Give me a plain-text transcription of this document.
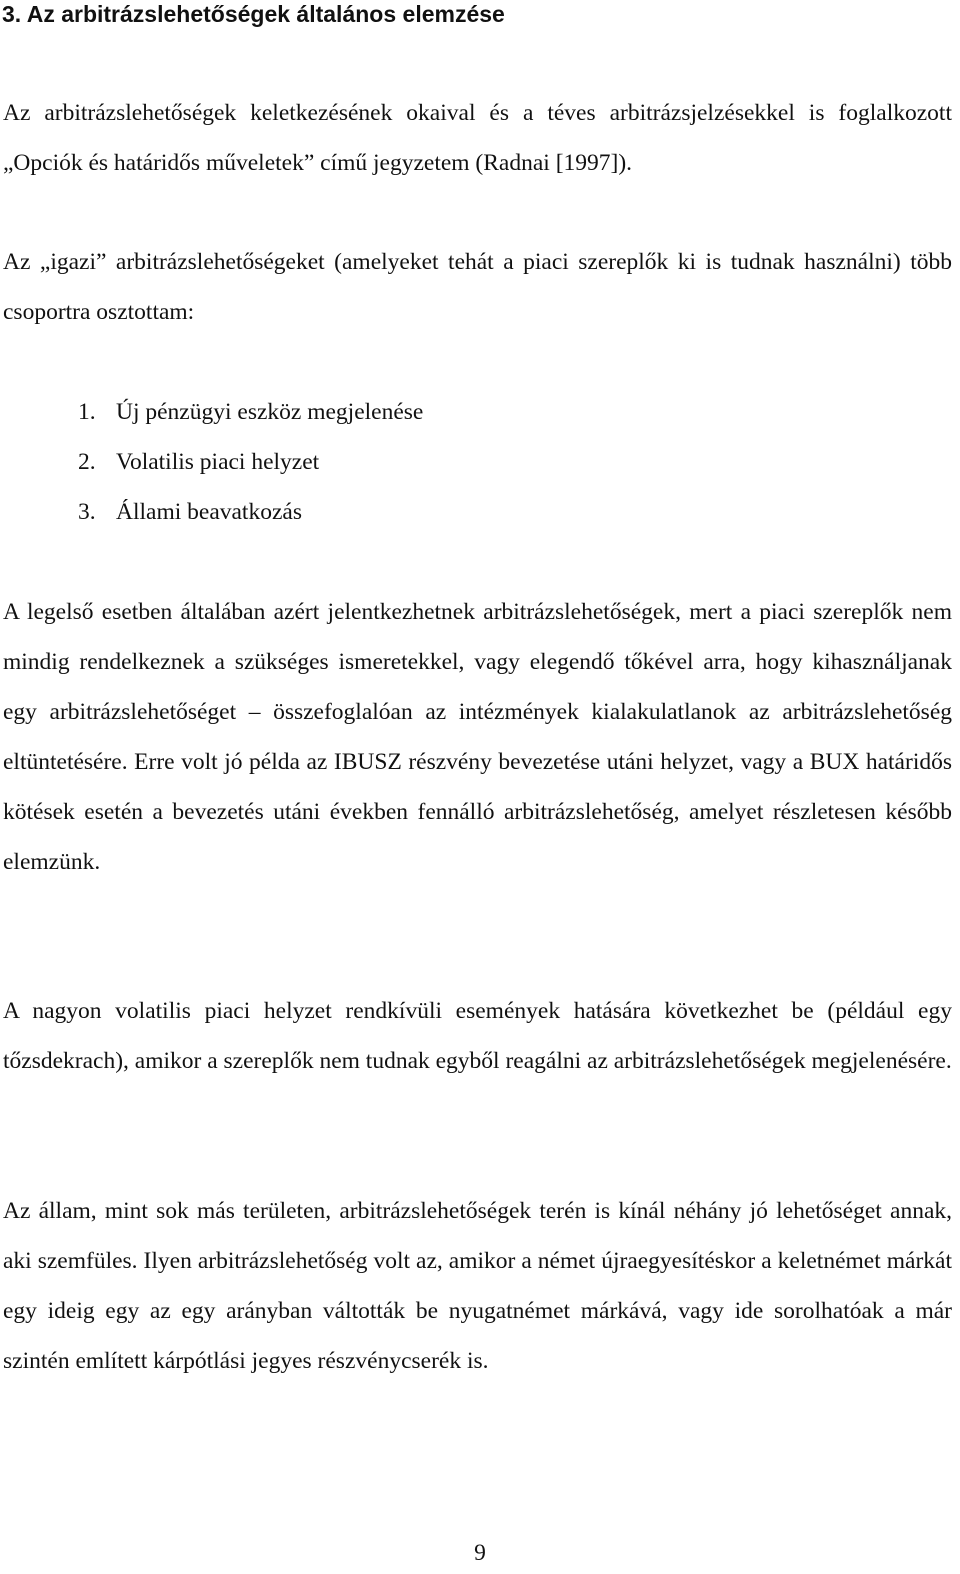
3. Az arbitrázslehetőségek általános elemzése

Az arbitrázslehetőségek keletkezésének okaival és a téves arbitrázsjelzésekkel is foglalkozott „Opciók és határidős műveletek” című jegyzetem (Radnai [1997]).

Az „igazi” arbitrázslehetőségeket (amelyeket tehát a piaci szereplők ki is tudnak használni) több csoportra osztottam:

1. Új pénzügyi eszköz megjelenése
2. Volatilis piaci helyzet
3. Állami beavatkozás

A legelső esetben általában azért jelentkezhetnek arbitrázslehetőségek, mert a piaci szereplők nem mindig rendelkeznek a szükséges ismeretekkel, vagy elegendő tőkével arra, hogy kihasználjanak egy arbitrázslehetőséget – összefoglalóan az intézmények kialakulatlanok az arbitrázslehetőség eltüntetésére. Erre volt jó példa az IBUSZ részvény bevezetése utáni helyzet, vagy a BUX határidős kötések esetén a bevezetés utáni években fennálló arbitrázslehetőség, amelyet részletesen később elemzünk.

A nagyon volatilis piaci helyzet rendkívüli események hatására következhet be (például egy tőzsdekrach), amikor a szereplők nem tudnak egyből reagálni az arbitrázslehetőségek megjelenésére.

Az állam, mint sok más területen, arbitrázslehetőségek terén is kínál néhány jó lehetőséget annak, aki szemfüles. Ilyen arbitrázslehetőség volt az, amikor a német újraegyesítéskor a keletnémet márkát egy ideig egy az egy arányban váltották be nyugatnémet márkává, vagy ide sorolhatóak a már szintén említett kárpótlási jegyes részvénycserék is.

9
